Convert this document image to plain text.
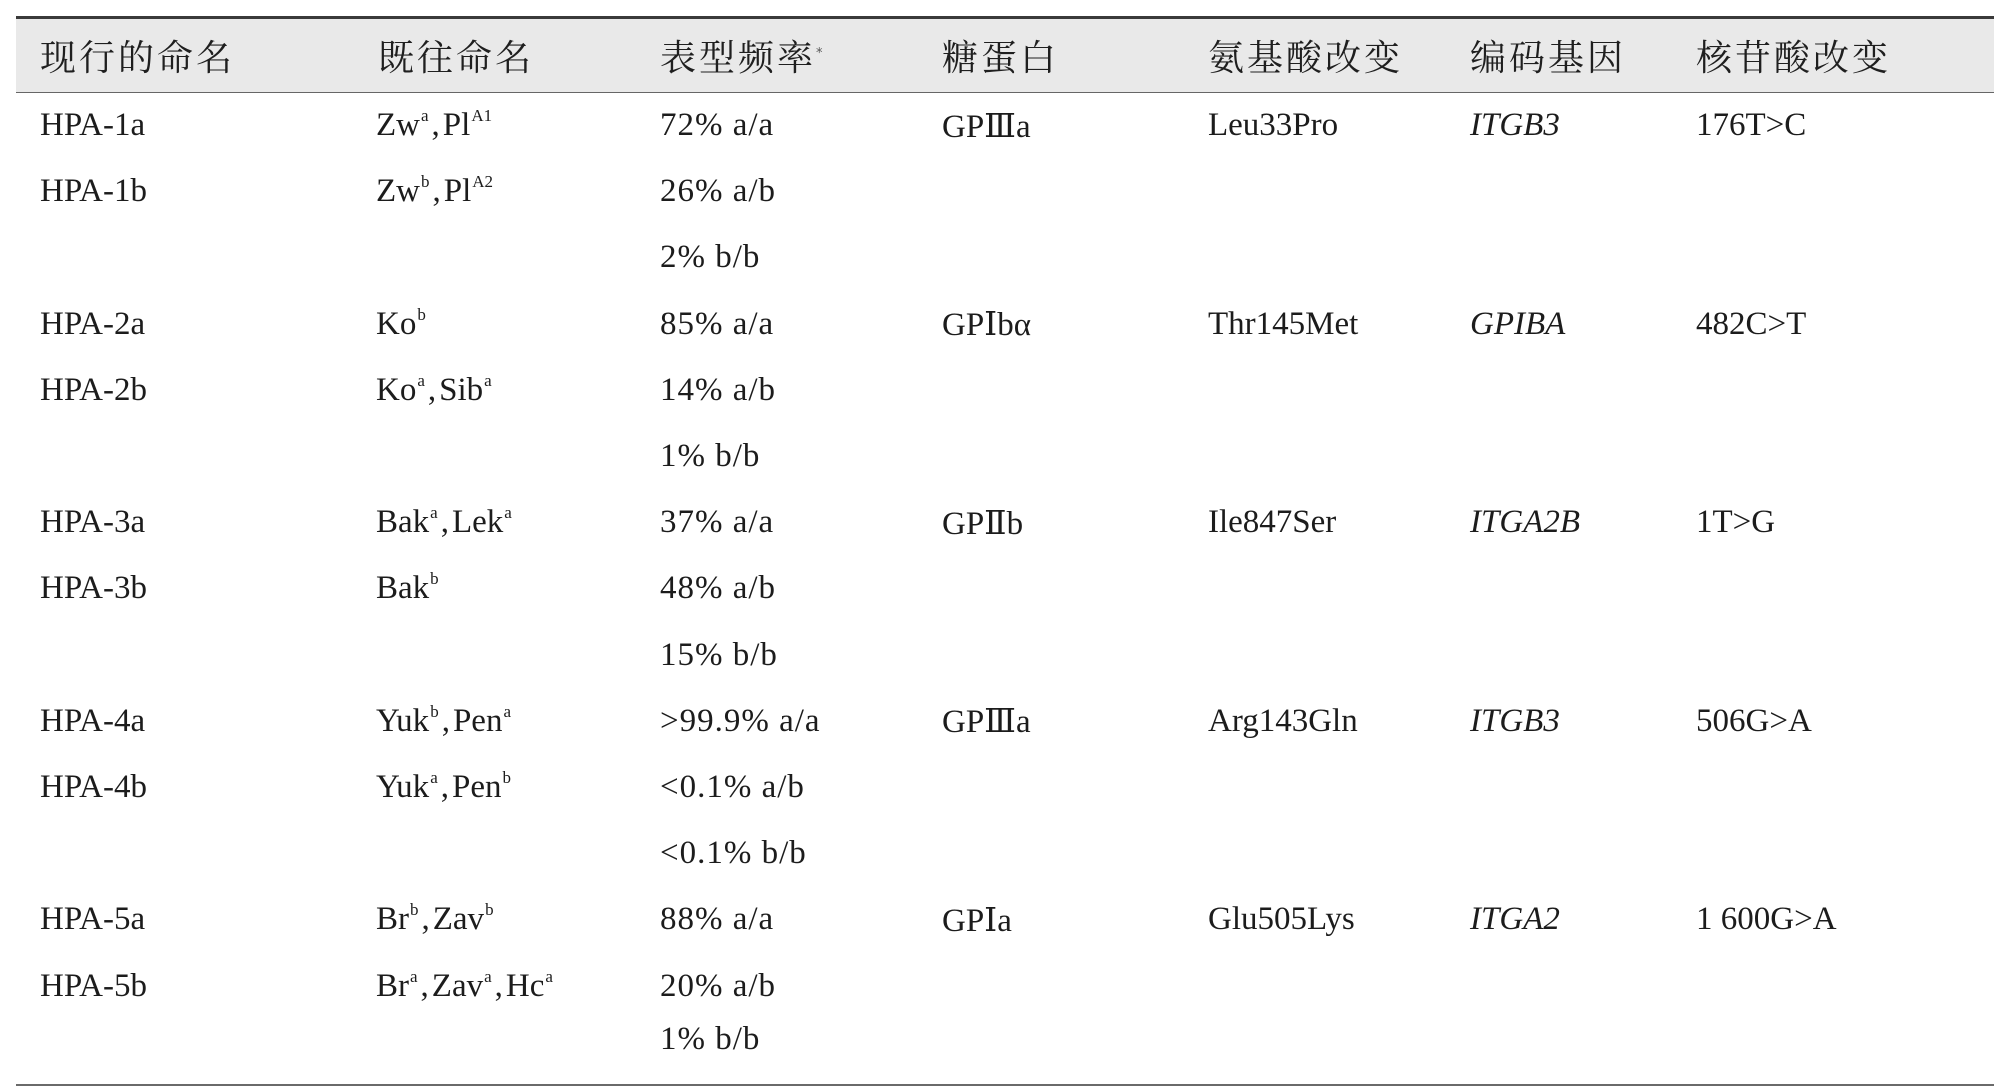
现行的命名	既往命名	表型频率*	糖蛋白	氨基酸改变	编码基因	核苷酸改变
HPA-1a	$Zw^a,Pl^{A1}$	72% a/a	GPⅢa	Leu33Pro	ITGB3	176T>C
HPA-1b	$Zw^b,Pl^{A2}$	26% a/b				
		2% b/b				
HPA-2a	Ko$^b$	85% a/a	GPⅠbα	Thr145Met	GPIBA	482C>T
HPA-2b	Ko$^a$,Sib$^a$	14% a/b				
		1% b/b				
HPA-3a	Bak$^a$,Lek$^a$	37% a/a	GPⅡb	Ile847Ser	ITGA2B	1T>G
HPA-3b	Bak$^b$	48% a/b				
		15% b/b				
HPA-4a	Yuk$^b$,Pen$^a$	>99.9% a/a	GPⅢa	Arg143Gln	ITGB3	506G>A
HPA-4b	Yuk$^a$,Pen$^b$	<0.1% a/b				
		<0.1% b/b				
HPA-5a	Br$^b$,Zav$^b$	88% a/a	GPⅠa	Glu505Lys	ITGA2	1 600G>A
HPA-5b	Br$^a$,Zav$^a$,Hc$^a$	20% a/b				
		1% b/b				
